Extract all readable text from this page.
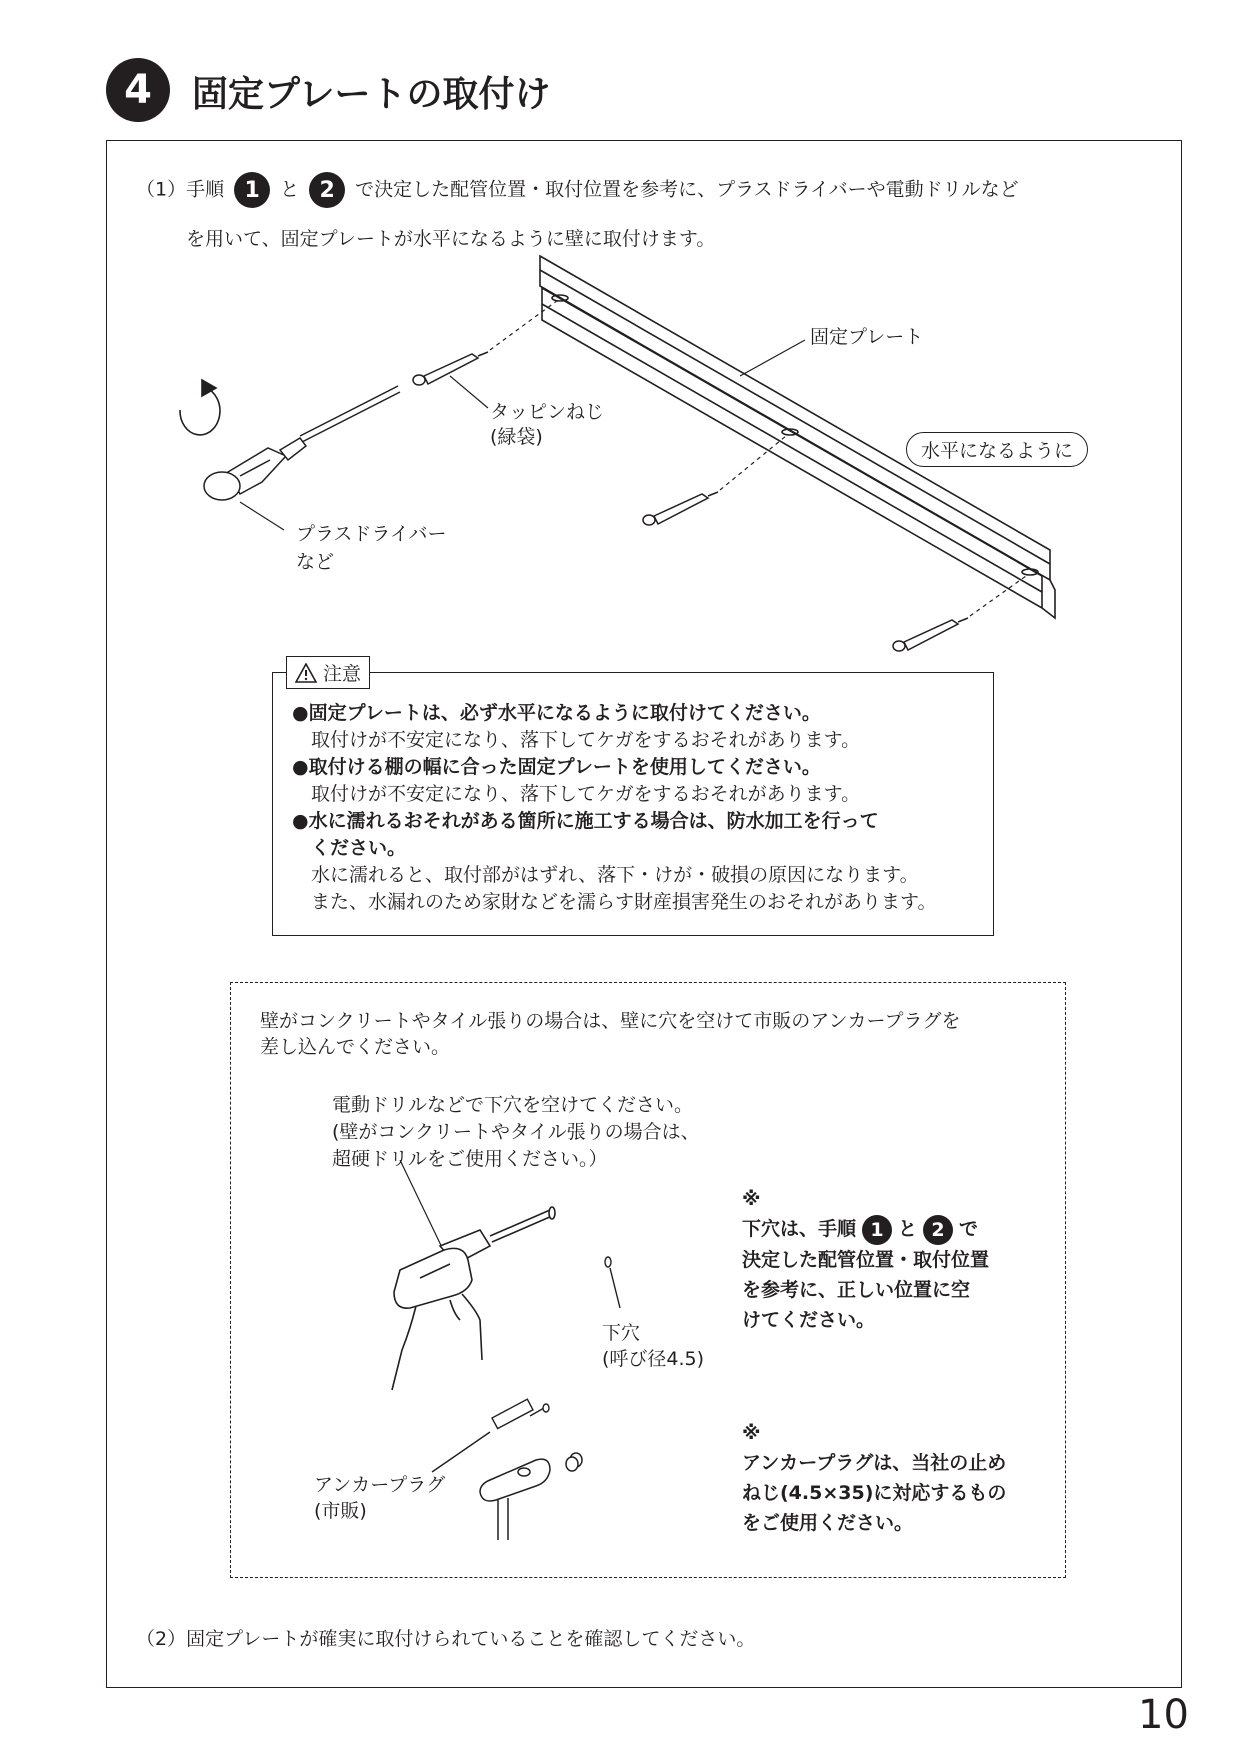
4	固定プレートの取付け
（1）手順 1 と 2 で決定した配管位置・取付位置を参考に、プラスドライバーや電動ドリルなど
を用いて、固定プレートが水平になるように壁に取付けます。
固定プレート
タッピンねじ
(緑袋)
水平になるように
プラスドライバー
など
注意
●固定プレートは、必ず水平になるように取付けてください。
　取付けが不安定になり、落下してケガをするおそれがあります。
●取付ける棚の幅に合った固定プレートを使用してください。
　取付けが不安定になり、落下してケガをするおそれがあります。
●水に濡れるおそれがある箇所に施工する場合は、防水加工を行って
　ください。
　水に濡れると、取付部がはずれ、落下・けが・破損の原因になります。
　また、水漏れのため家財などを濡らす財産損害発生のおそれがあります。
壁がコンクリートやタイル張りの場合は、壁に穴を空けて市販のアンカープラグを
差し込んでください。
電動ドリルなどで下穴を空けてください。
(壁がコンクリートやタイル張りの場合は、
超硬ドリルをご使用ください。）
下穴
(呼び径4.5)
※
下穴は、手順 1 と 2 で
決定した配管位置・取付位置
を参考に、正しい位置に空
けてください。
アンカープラグ
(市販)
※
アンカープラグは、当社の止め
ねじ(4.5×35)に対応するもの
をご使用ください。
（2）固定プレートが確実に取付けられていることを確認してください。
10
